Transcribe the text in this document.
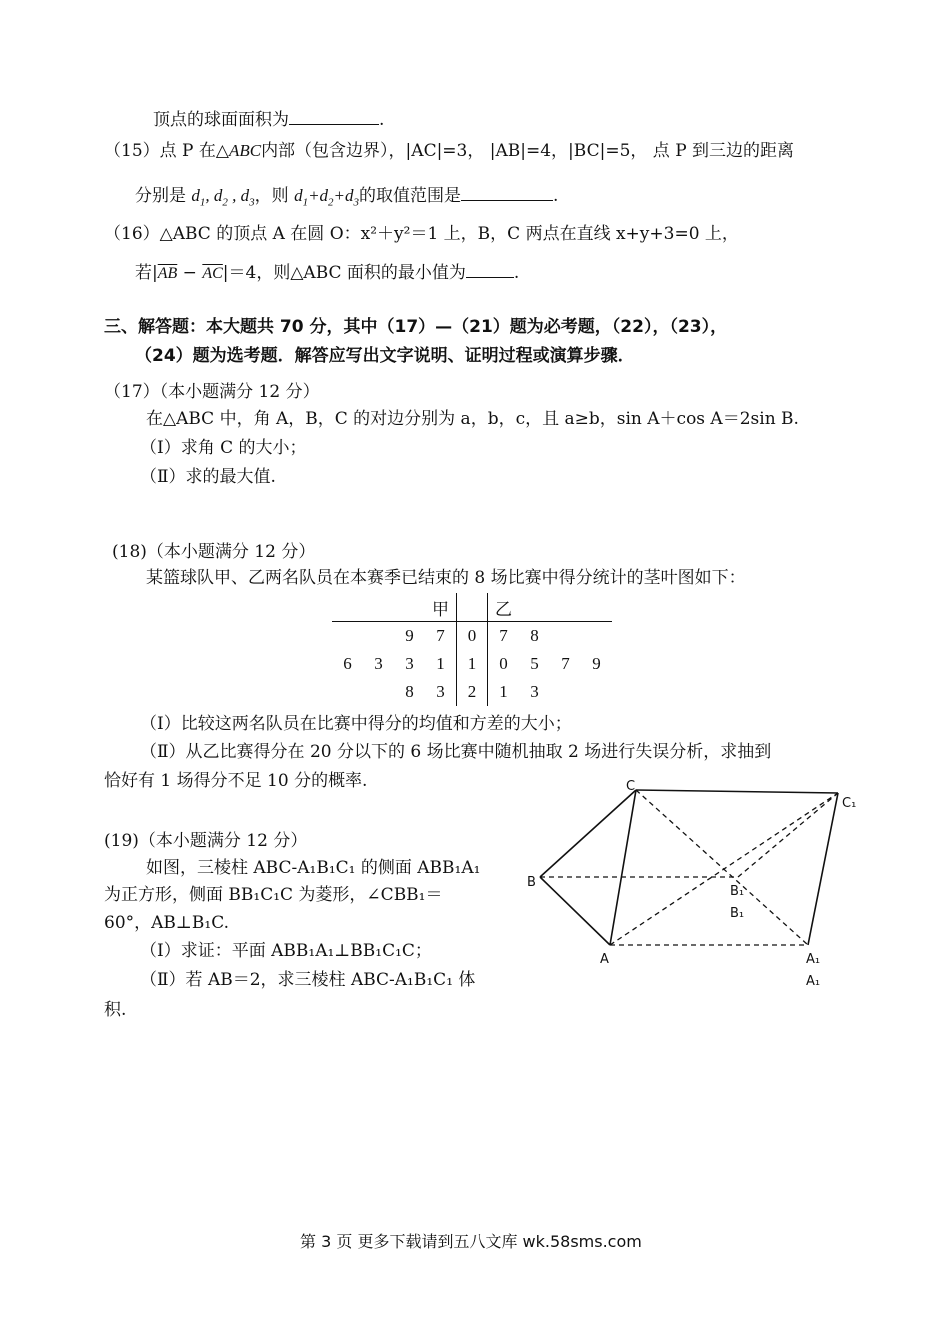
顶点的球面面积为	.
（15）点 P 在△ABC内部（包含边界），|AC|=3， |AB|=4，|BC|=5， 点 P 到三边的距离
分别是 $d_1$, $d_2$ , $d_3$，则 $d_1+d_2+d_3$的取值范围是	.
（16）△ABC 的顶点 A 在圆 O：x²＋y²＝1 上，B，C 两点在直线 x+y+3=0 上，
若$|\overline{AB} - \overline{AC}|=4$，则△ABC 面积的最小值为	.
三、解答题：本大题共 70 分，其中（17）—（21）题为必考题，（22），（23），
（24）题为选考题．解答应写出文字说明、证明过程或演算步骤．
（17）（本小题满分 12 分）
在△ABC 中，角 A，B，C 的对边分别为 a，b，c，且 a≥b，sin A＋cos A＝2sin B.
（Ⅰ）求角 C 的大小；
（Ⅱ）求的最大值.
(18)（本小题满分 12 分）
某篮球队甲、乙两名队员在本赛季已结束的 8 场比赛中得分统计的茎叶图如下：
			甲		乙			
		9	7	0	7	8		
6	3	3	1	1	0	5	7	9
		8	3	2	1	3		
（Ⅰ）比较这两名队员在比赛中得分的均值和方差的大小；
（Ⅱ）从乙比赛得分在 20 分以下的 6 场比赛中随机抽取 2 场进行失误分析，求抽到
恰好有 1 场得分不足 10 分的概率.
(19)（本小题满分 12 分）
如图，三棱柱 ABC-A₁B₁C₁ 的侧面 ABB₁A₁
为正方形，侧面 BB₁C₁C 为菱形，∠CBB₁＝
60°，AB⊥B₁C.
（Ⅰ）求证：平面 ABB₁A₁⊥BB₁C₁C；
（Ⅱ）若 AB＝2，求三棱柱 ABC-A₁B₁C₁ 体
积.
C
C₁
B
B₁
B₁
A	A₁
A₁
第 3 页 更多下载请到五八文库 wk.58sms.com
